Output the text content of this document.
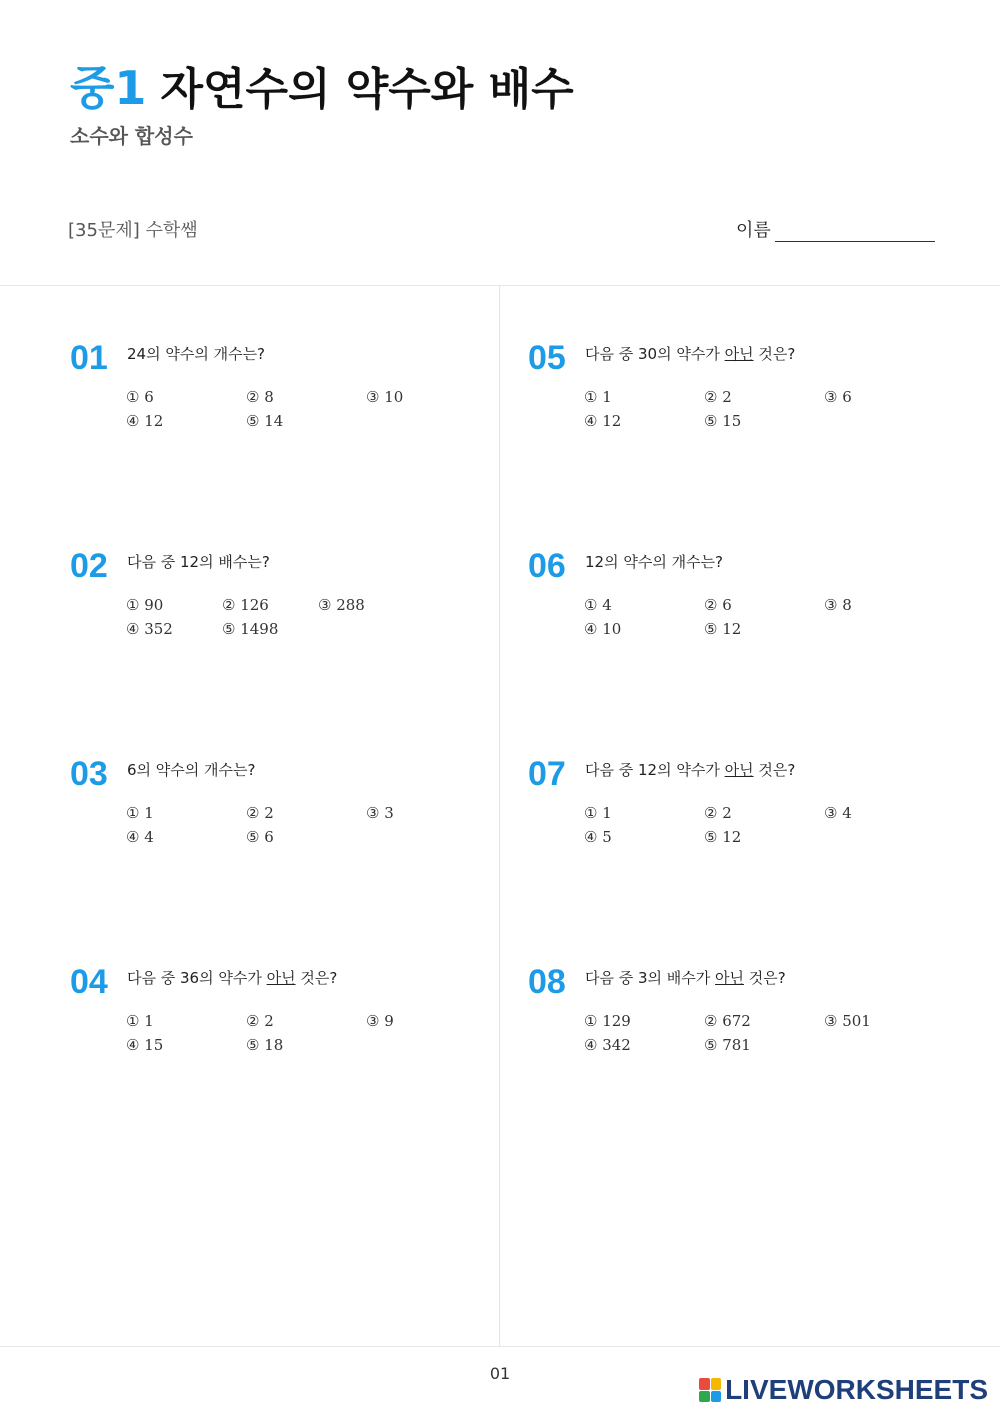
중1 자연수의 약수와 배수
소수와 합성수
[35문제] 수학쌤	이름
01 24의 약수의 개수는?
① 6	② 8	③ 10
④ 12	⑤ 14
02 다음 중 12의 배수는?
① 90	② 126	③ 288
④ 352	⑤ 1498
03 6의 약수의 개수는?
① 1	② 2	③ 3
④ 4	⑤ 6
04 다음 중 36의 약수가 아닌 것은?
① 1	② 2	③ 9
④ 15	⑤ 18
05 다음 중 30의 약수가 아닌 것은?
① 1	② 2	③ 6
④ 12	⑤ 15
06 12의 약수의 개수는?
① 4	② 6	③ 8
④ 10	⑤ 12
07 다음 중 12의 약수가 아닌 것은?
① 1	② 2	③ 4
④ 5	⑤ 12
08 다음 중 3의 배수가 아닌 것은?
① 129	② 672	③ 501
④ 342	⑤ 781
01
LIVEWORKSHEETS
